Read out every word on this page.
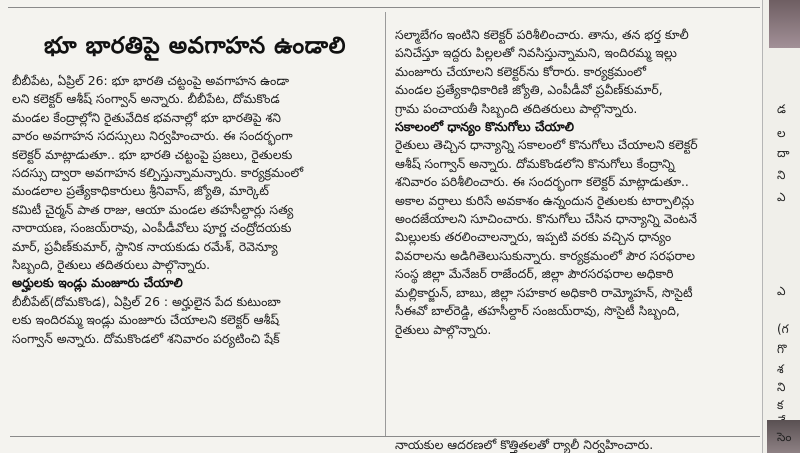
భూ భారతిపై అవగాహన ఉండాలి
బీబీపేట, ఏప్రిల్ 26: భూ భారతి చట్టంపై అవగాహన ఉండా
లని కలెక్టర్ ఆశీష్ సంగ్వాన్ అన్నారు. బీబీపేట, దోమకొండ
మండల కేంద్రాల్లోని రైతువేదిక భవనాల్లో భూ భారతిపై శని
వారం అవగాహన సదస్సులు నిర్వహించారు. ఈ సందర్భంగా
కలెక్టర్ మాట్లాడుతూ.. భూ భారతి చట్టంపై ప్రజలు, రైతులకు
సదస్సు ద్వారా అవగాహన కల్పిస్తున్నామన్నారు. కార్యక్రమంలో
మండలాల ప్రత్యేకాధికారులు శ్రీనివాస్, జ్యోతి, మార్కెట్
కమిటీ చైర్మన్ పాత రాజు, ఆయా మండల తహసీల్దార్లు సత్య
నారాయణ, సంజయ్‌రావు, ఎంపీడీవోలు పూర్ణ చంద్రోదయకు
మార్, ప్రవీణ్‌కుమార్, స్థానిక నాయకుడు రమేశ్, రెవెన్యూ
సిబ్బంది, రైతులు తదితరులు పాల్గొన్నారు.
అర్హులకు ఇండ్లు మంజూరు చేయాలి
బీబీపేట్(దోమకొండ), ఏప్రిల్ 26 : అర్హులైన పేద కుటుంబా
లకు ఇందిరమ్మ ఇండ్లు మంజూరు చేయాలని కలెక్టర్ ఆశీష్
సంగ్వాన్ అన్నారు. దోమకొండలో శనివారం పర్యటించి షేక్
సల్మాబేగం ఇంటిని కలెక్టర్ పరిశీలించారు. తాను, తన భర్త కూలీ
పనిచేస్తూ ఇద్దరు పిల్లలతో నివసిస్తున్నామని, ఇందిరమ్మ ఇల్లు
మంజూరు చేయాలని కలెక్టర్‌ను కోరారు. కార్యక్రమంలో
మండల ప్రత్యేకాధికారిణి జ్యోతి, ఎంపీడీవో ప్రవీణ్‌కుమార్,
గ్రామ పంచాయతీ సిబ్బంది తదితరులు పాల్గొన్నారు.
సకాలంలో ధాన్యం కొనుగోలు చేయాలి
రైతులు తెచ్చిన ధాన్యాన్ని సకాలంలో కొనుగోలు చేయాలని కలెక్టర్
ఆశీష్ సంగ్వాన్ అన్నారు. దోమకొండలోని కొనుగోలు కేంద్రాన్ని
శనివారం పరిశీలించారు. ఈ సందర్భంగా కలెక్టర్ మాట్లాడుతూ..
అకాల వర్షాలు కురిసే అవకాశం ఉన్నందున రైతులకు టార్పాలిన్లు
అందజేయాలని సూచించారు. కొనుగోలు చేసిన ధాన్యాన్ని వెంటనే
మిల్లులకు తరలించాలన్నారు, ఇప్పటి వరకు వచ్చిన ధాన్యం
వివరాలను అడిగితెలుసుకున్నారు. కార్యక్రమంలో పౌర సరఫరాల
సంస్థ జిల్లా మేనేజర్ రాజేందర్, జిల్లా పౌరసరఫరాల అధికారి
మల్లికార్జున్, బాబు, జిల్లా సహకార అధికారి రామ్మోహన్, సొసైటీ
సీఈవో బాల్‌రెడ్డి, తహసీల్దార్ సంజయ్‌రావు, సొసైటీ సిబ్బంది,
రైతులు పాల్గొన్నారు.
నాయకుల ఆదరణలో కొత్తితలతో ర్యాలీ నిర్వహించారు.
డ
ల
దా
ని
ఎ
ఎ
(గ
గొ
శ
ని
క
సెం
